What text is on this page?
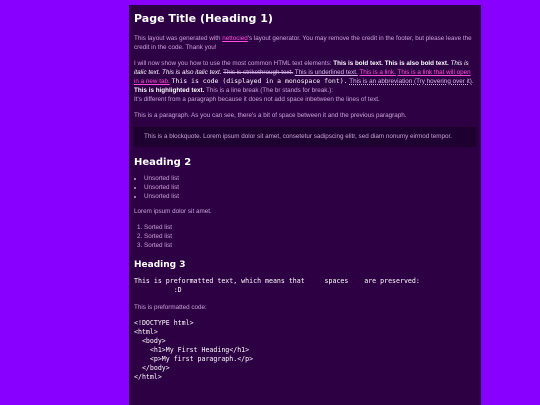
Page Title (Heading 1)

This layout was generated with nettocied's layout generator. You may remove the credit in the footer, but please leave the credit in the code. Thank you!

I will now show you how to use the most common HTML text elements: This is bold text. This is also bold text. This is italic text. This is also italic text. This is strikethrough text. This is underlined text. This is a link. This is a link that will open in a new tab. This is code (displayed in a monospace font). This is an abbreviation (Try hovering over it). This is highlighted text. This is a line break (The br stands for break.):
It's different from a paragraph because it does not add space inbetween the lines of text.

This is a paragraph. As you can see, there's a bit of space between it and the previous paragraph.

This is a blockquote. Lorem ipsum dolor sit amet, consetetur sadipscing elitr, sed diam nonumy eirmod tempor.
Heading 2
• Unsorted list
• Unsorted list
• Unsorted list

Lorem ipsum dolor sit amet.

1. Sorted list
2. Sorted list
3. Sorted list
Heading 3
This is preformatted text, which means that     spaces    are preserved:
:D

This is preformatted code:

<!DOCTYPE html>
<html>
<body>
<h1>My First Heading</h1>
<p>My first paragraph.</p>
</body>
</html>
